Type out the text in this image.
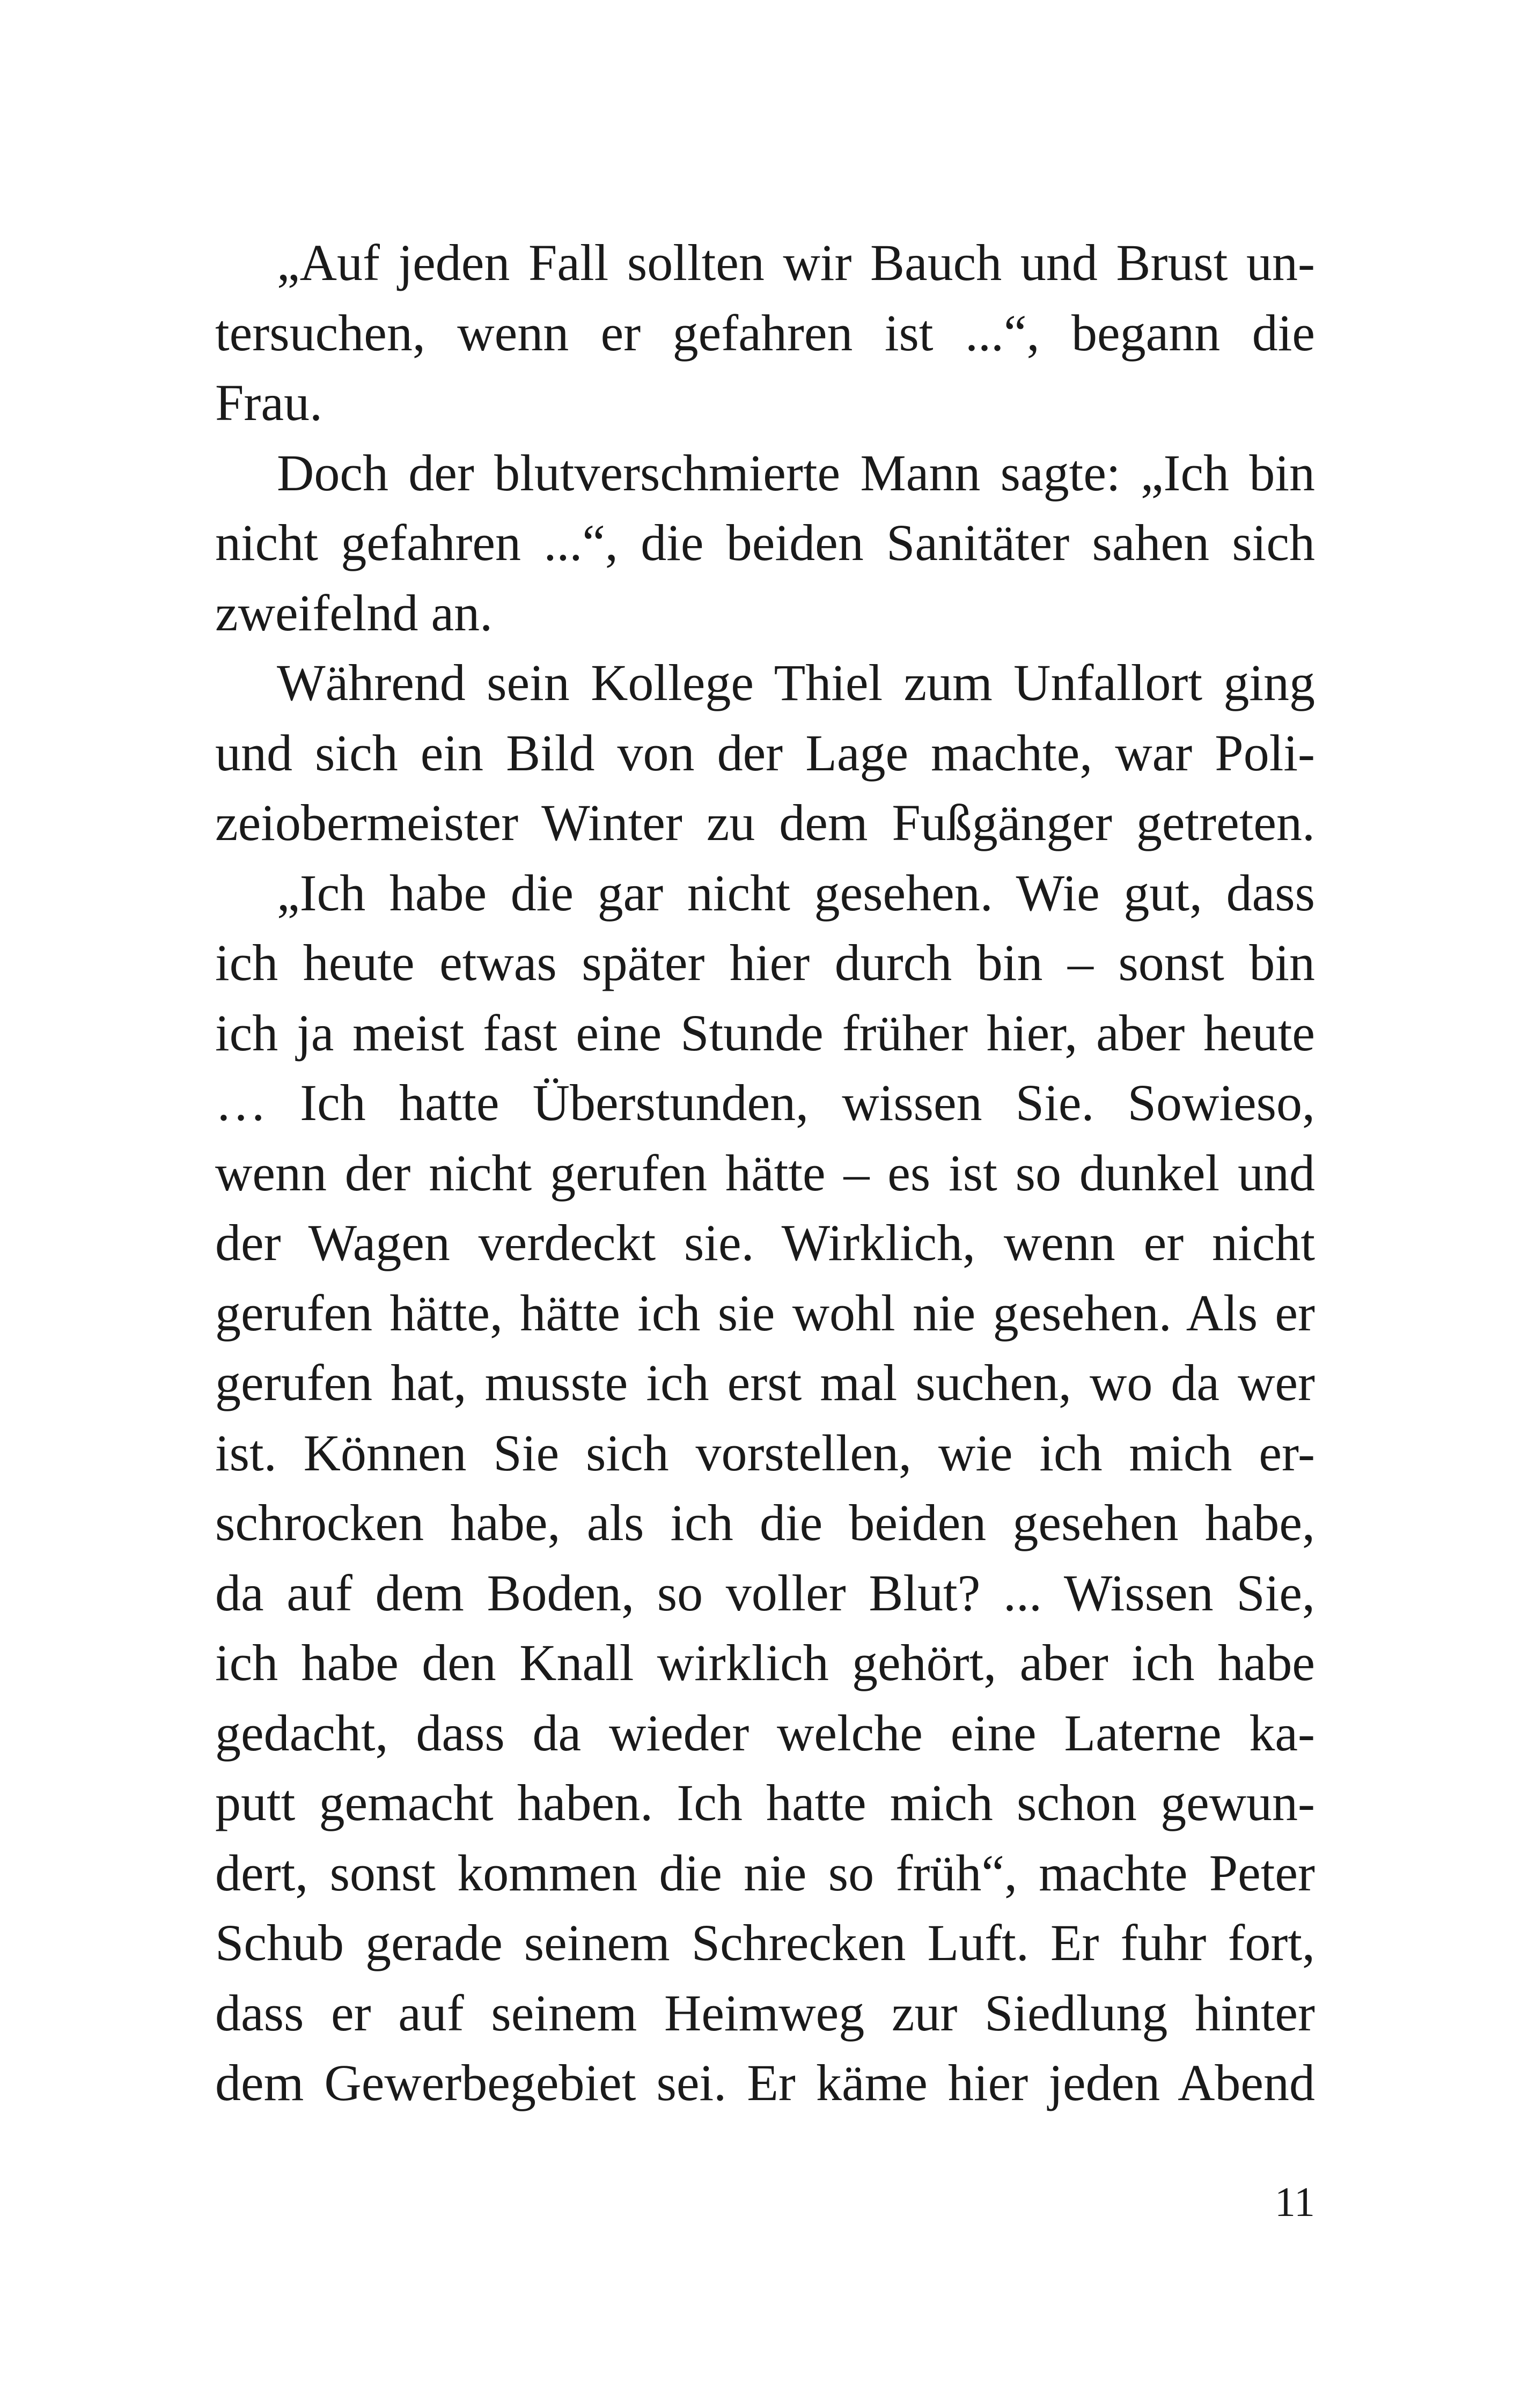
„Auf jeden Fall sollten wir Bauch und Brust un-
tersuchen, wenn er gefahren ist ...“, begann die
Frau.
Doch der blutverschmierte Mann sagte: „Ich bin
nicht gefahren ...“, die beiden Sanitäter sahen sich
zweifelnd an.
Während sein Kollege Thiel zum Unfallort ging
und sich ein Bild von der Lage machte, war Poli-
zeiobermeister Winter zu dem Fußgänger getreten.
„Ich habe die gar nicht gesehen. Wie gut, dass
ich heute etwas später hier durch bin – sonst bin
ich ja meist fast eine Stunde früher hier, aber heute
… Ich hatte Überstunden, wissen Sie. Sowieso,
wenn der nicht gerufen hätte – es ist so dunkel und
der Wagen verdeckt sie. Wirklich, wenn er nicht
gerufen hätte, hätte ich sie wohl nie gesehen. Als er
gerufen hat, musste ich erst mal suchen, wo da wer
ist. Können Sie sich vorstellen, wie ich mich er-
schrocken habe, als ich die beiden gesehen habe,
da auf dem Boden, so voller Blut? ... Wissen Sie,
ich habe den Knall wirklich gehört, aber ich habe
gedacht, dass da wieder welche eine Laterne ka-
putt gemacht haben. Ich hatte mich schon gewun-
dert, sonst kommen die nie so früh“, machte Peter
Schub gerade seinem Schrecken Luft. Er fuhr fort,
dass er auf seinem Heimweg zur Siedlung hinter
dem Gewerbegebiet sei. Er käme hier jeden Abend
11
